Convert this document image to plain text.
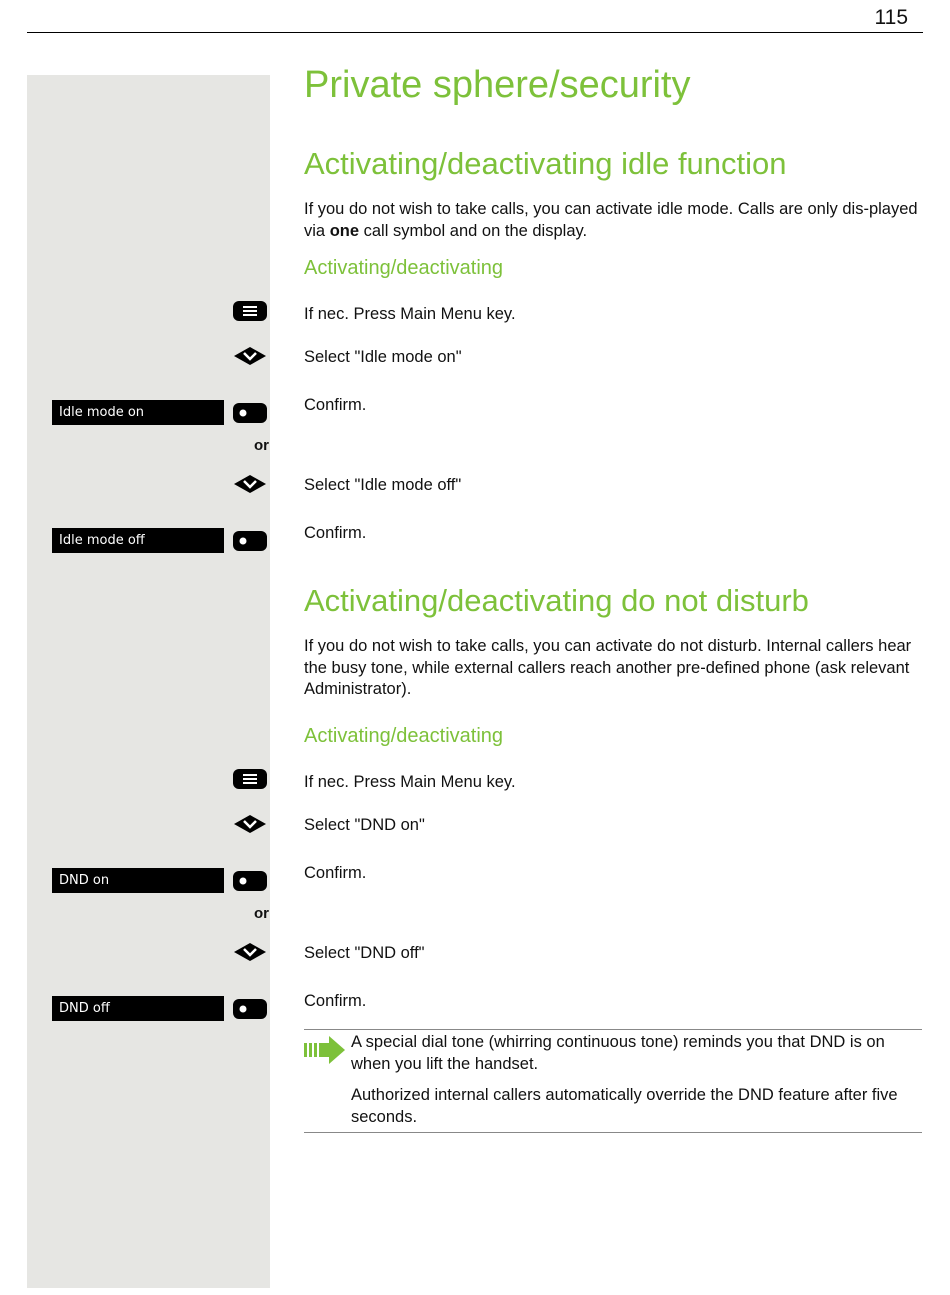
115
Private sphere/security
Activating/deactivating idle function

If you do not wish to take calls, you can activate idle mode. Calls are only dis-played via one call symbol and on the display.

Activating/deactivating
If nec. Press Main Menu key.
Select "Idle mode on"
Idle mode on	Confirm.
or
Select "Idle mode off"
Idle mode off	Confirm.
Activating/deactivating do not disturb

If you do not wish to take calls, you can activate do not disturb. Internal callers hear the busy tone, while external callers reach another pre-defined phone (ask relevant Administrator).

Activating/deactivating
If nec. Press Main Menu key.
Select "DND on"
DND on	Confirm.
or
Select "DND off"
DND off	Confirm.

A special dial tone (whirring continuous tone) reminds you that DND is on when you lift the handset.

Authorized internal callers automatically override the DND feature after five seconds.
